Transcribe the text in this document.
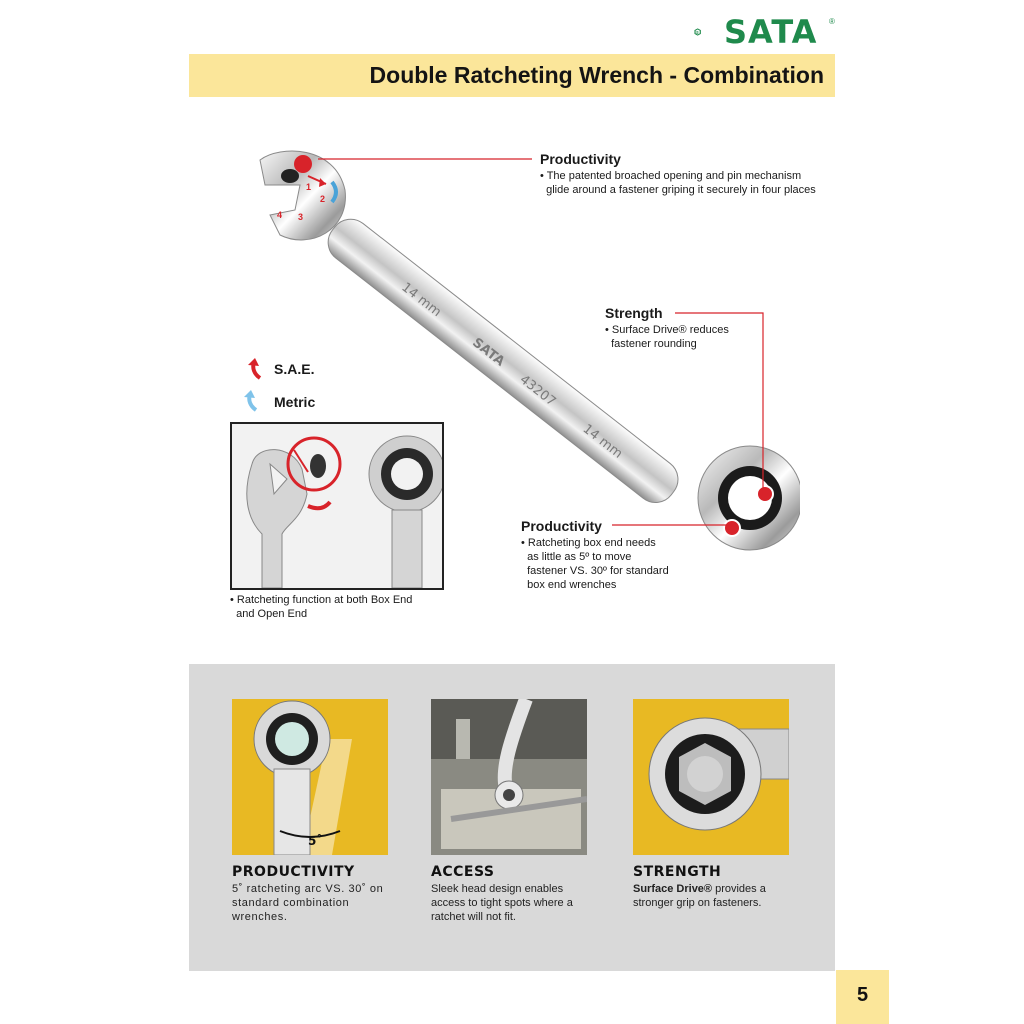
SATA ®
Double Ratcheting Wrench - Combination
14 mm
SATA
43207
14 mm
1
2
3
4
Productivity
• The patented broached opening and pin mechanism
glide around a fastener griping it securely in four places
Strength
• Surface Drive® reduces
fastener rounding
Productivity
• Ratcheting box end needs
as little as 5º to move
fastener VS. 30º for standard
box end wrenches
S.A.E.
Metric
• Ratcheting function at both Box End
and Open End
5˚
PRODUCTIVITY
5˚ ratcheting arc VS. 30˚ on standard combination wrenches.
ACCESS
Sleek head design enables access to tight spots where a ratchet will not fit.
STRENGTH
Surface Drive® provides a stronger grip on fasteners.
5
